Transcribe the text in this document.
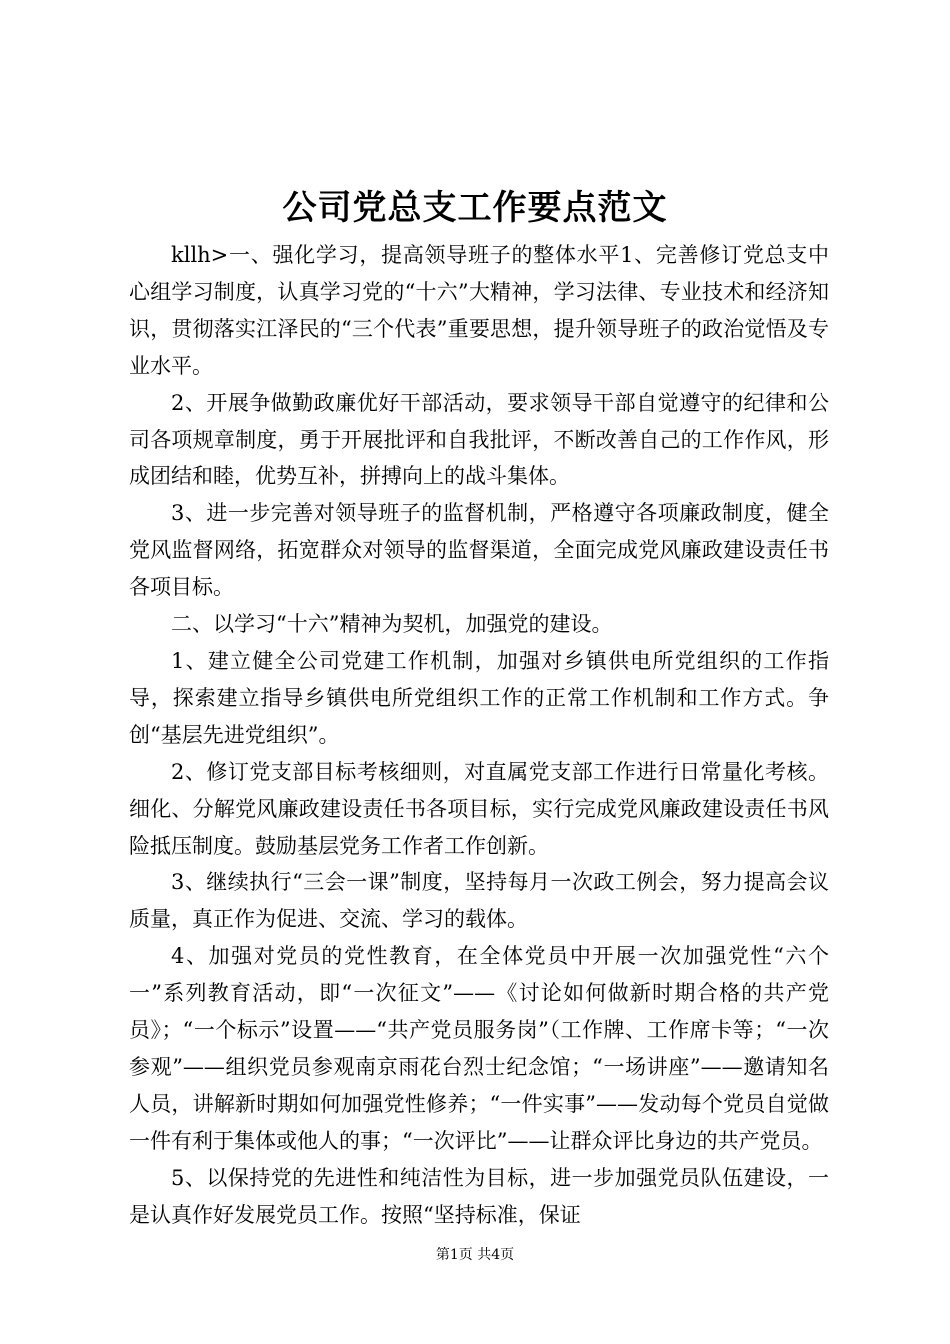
公司党总支工作要点范文

kllh>一、强化学习，提高领导班子的整体水平1、完善修订党总支中心组学习制度，认真学习党的“十六”大精神，学习法律、专业技术和经济知识，贯彻落实江泽民的“三个代表”重要思想，提升领导班子的政治觉悟及专业水平。

2、开展争做勤政廉优好干部活动，要求领导干部自觉遵守的纪律和公司各项规章制度，勇于开展批评和自我批评，不断改善自己的工作作风，形成团结和睦，优势互补，拼搏向上的战斗集体。

3、进一步完善对领导班子的监督机制，严格遵守各项廉政制度，健全党风监督网络，拓宽群众对领导的监督渠道，全面完成党风廉政建设责任书各项目标。

二、以学习“十六”精神为契机，加强党的建设。

1、建立健全公司党建工作机制，加强对乡镇供电所党组织的工作指导，探索建立指导乡镇供电所党组织工作的正常工作机制和工作方式。争创“基层先进党组织”。

2、修订党支部目标考核细则，对直属党支部工作进行日常量化考核。细化、分解党风廉政建设责任书各项目标，实行完成党风廉政建设责任书风险抵压制度。鼓励基层党务工作者工作创新。

3、继续执行“三会一课”制度，坚持每月一次政工例会，努力提高会议质量，真正作为促进、交流、学习的载体。

4、加强对党员的党性教育，在全体党员中开展一次加强党性“六个一”系列教育活动，即“一次征文”——《讨论如何做新时期合格的共产党员》；“一个标示”设置——“共产党员服务岗”（工作牌、工作席卡等；“一次参观”——组织党员参观南京雨花台烈士纪念馆；“一场讲座”——邀请知名人员，讲解新时期如何加强党性修养；“一件实事”——发动每个党员自觉做一件有利于集体或他人的事；“一次评比”——让群众评比身边的共产党员。

5、以保持党的先进性和纯洁性为目标，进一步加强党员队伍建设，一是认真作好发展党员工作。按照“坚持标准，保证

第1页 共4页
